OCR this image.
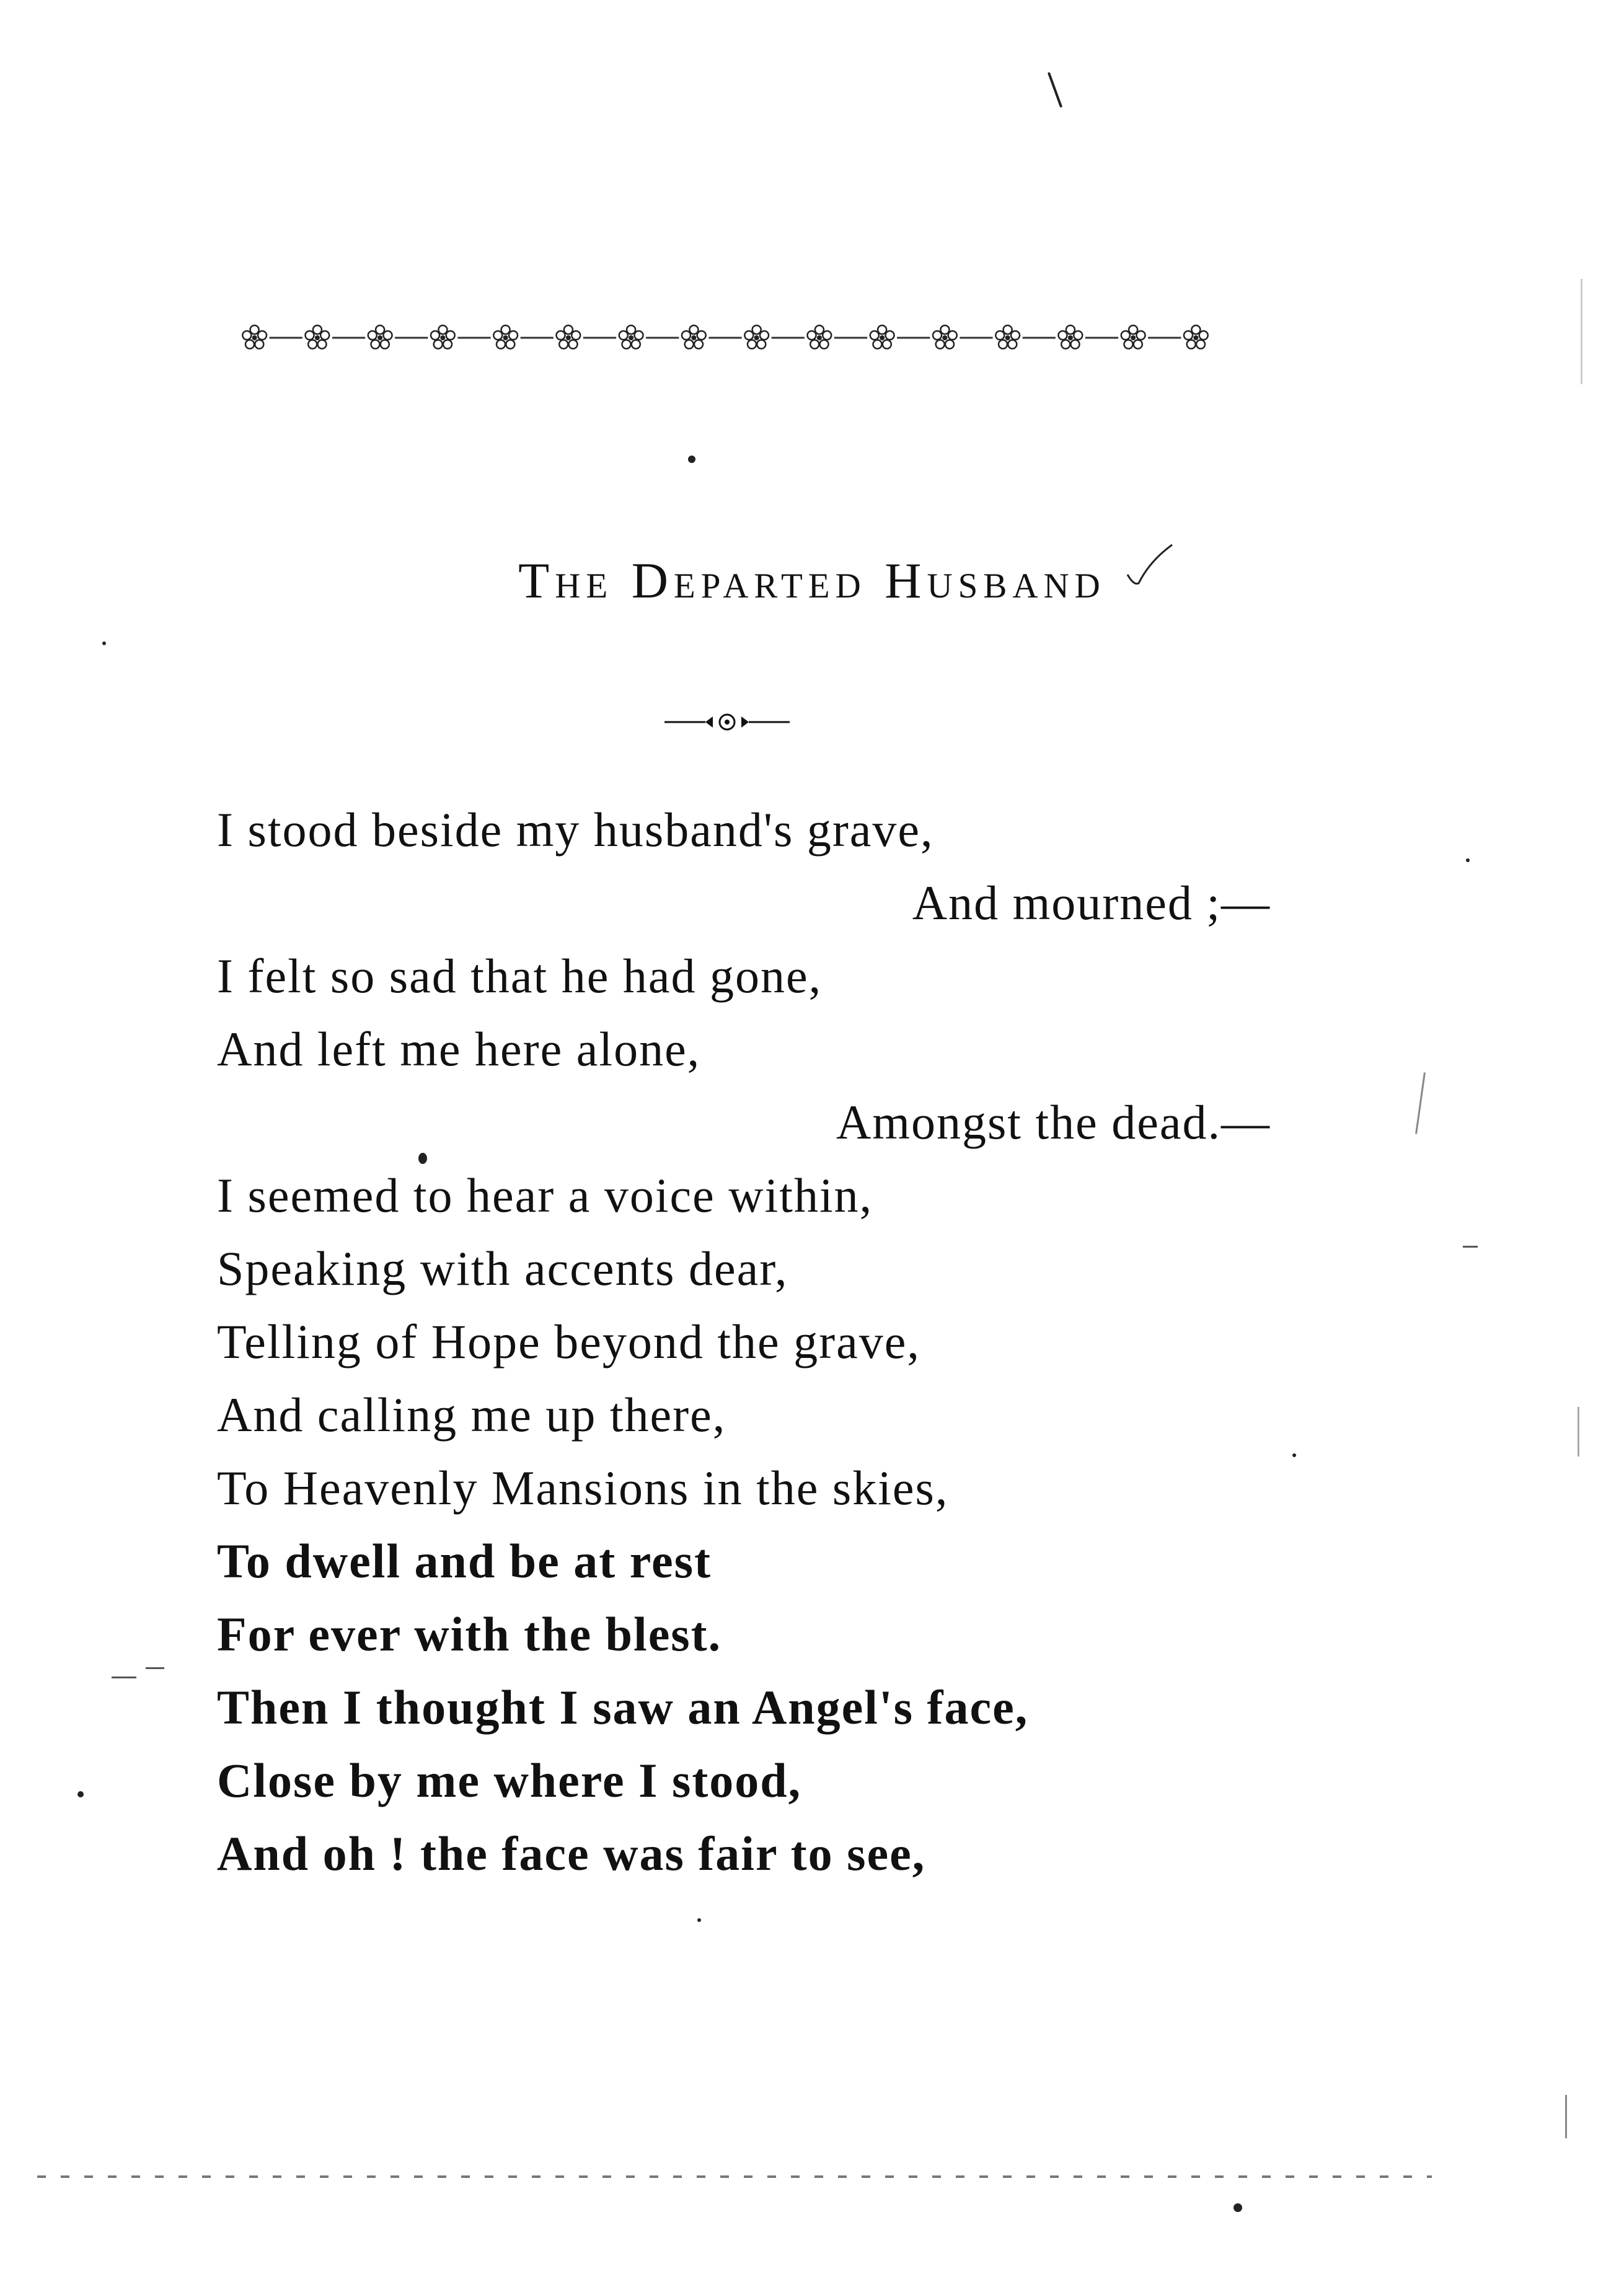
The Departed Husband
I stood beside my husband's grave,
And mourned ;—
I felt so sad that he had gone,
And left me here alone,
Amongst the dead.—
I seemed to hear a voice within,
Speaking with accents dear,
Telling of Hope beyond the grave,
And calling me up there,
To Heavenly Mansions in the skies,
To dwell and be at rest
For ever with the blest.
Then I thought I saw an Angel's face,
Close by me where I stood,
And oh ! the face was fair to see,
